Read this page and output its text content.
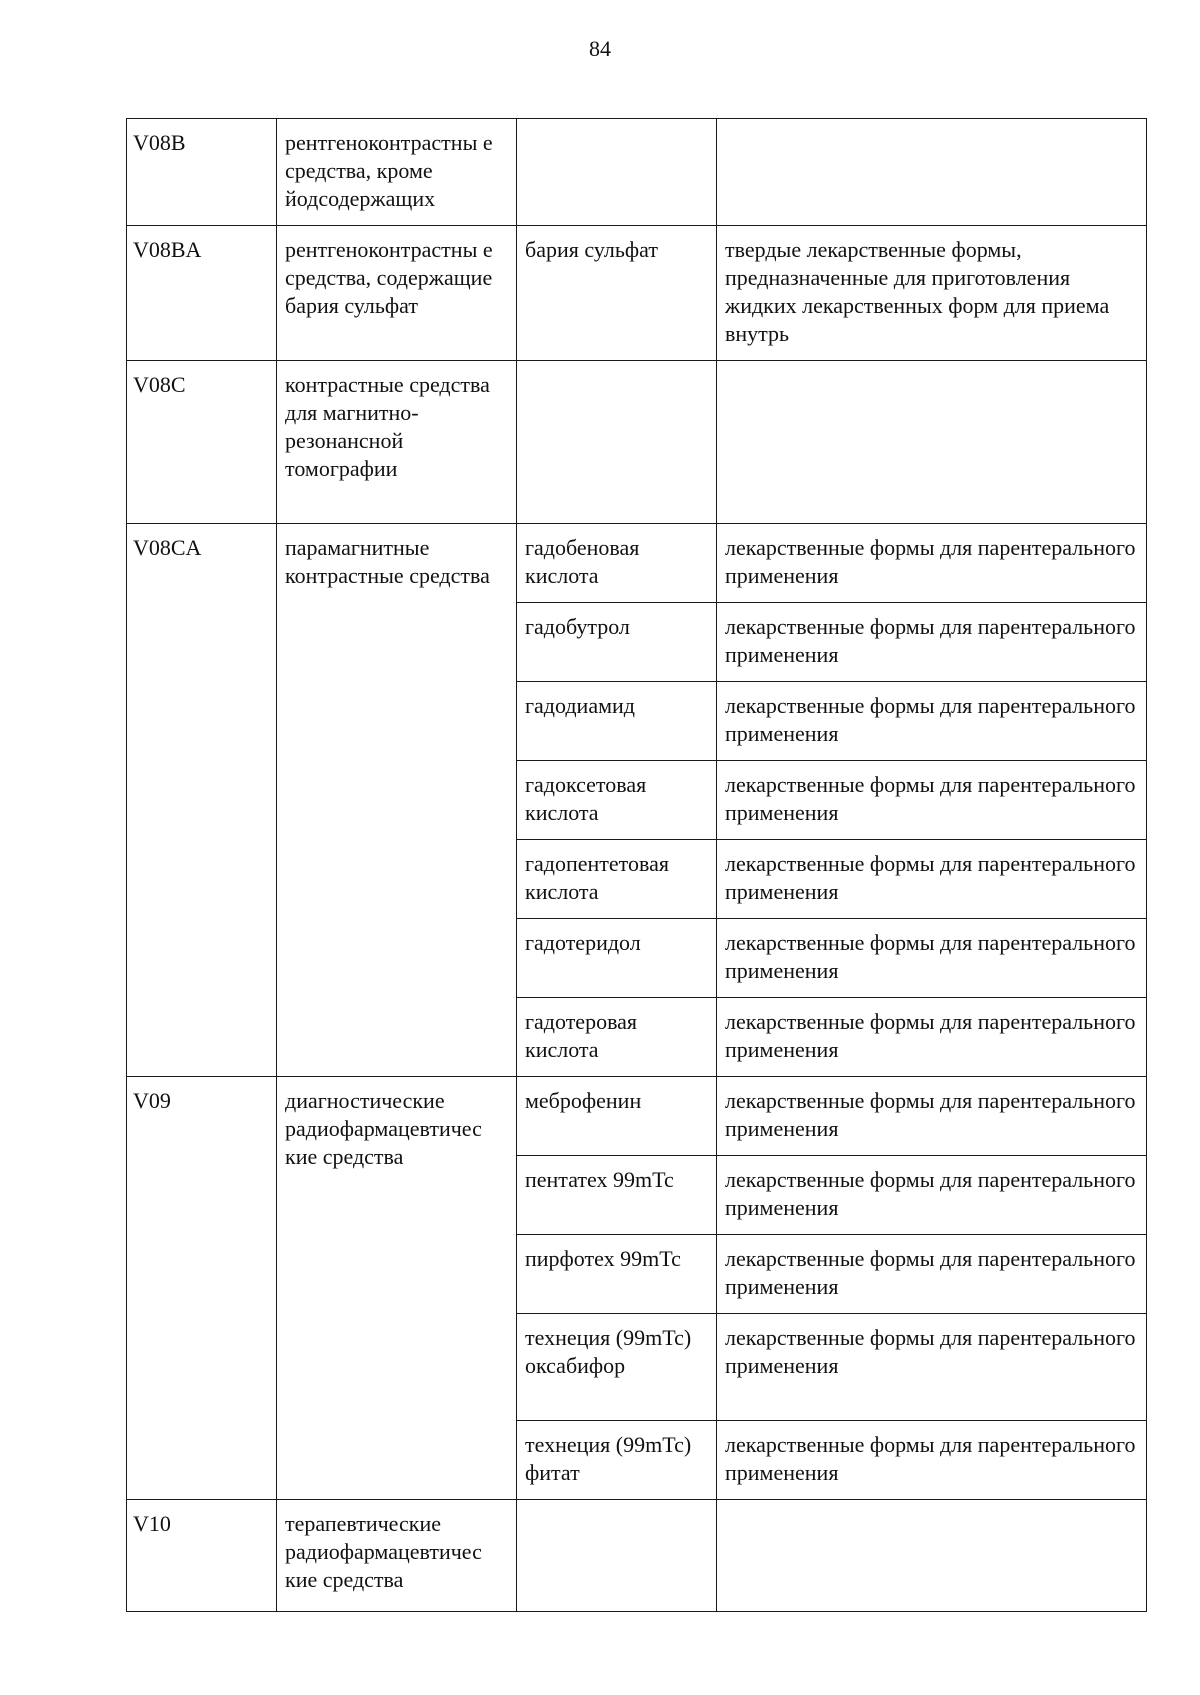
84
V08B	рентгеноконтрастны е средства, кроме йодсодержащих		
V08BA	рентгеноконтрастны е средства, содержащие бария сульфат	бария сульфат	твердые лекарственные формы, предназначенные для приготовления жидких лекарственных форм для приема внутрь
V08C	контрастные средства для магнитно- резонансной томографии		
V08CA	парамагнитные контрастные средства	гадобеновая кислота	лекарственные формы для парентерального применения
		гадобутрол	лекарственные формы для парентерального применения
		гадодиамид	лекарственные формы для парентерального применения
		гадоксетовая кислота	лекарственные формы для парентерального применения
		гадопентетовая кислота	лекарственные формы для парентерального применения
		гадотеридол	лекарственные формы для парентерального применения
		гадотеровая кислота	лекарственные формы для парентерального применения
V09	диагностические радиофармацевтичес кие средства	меброфенин	лекарственные формы для парентерального применения
		пентатех 99mTc	лекарственные формы для парентерального применения
		пирфотех 99mTc	лекарственные формы для парентерального применения
		технеция (99mTc) оксабифор	лекарственные формы для парентерального применения
		технеция (99mTc) фитат	лекарственные формы для парентерального применения
V10	терапевтические радиофармацевтичес кие средства		
